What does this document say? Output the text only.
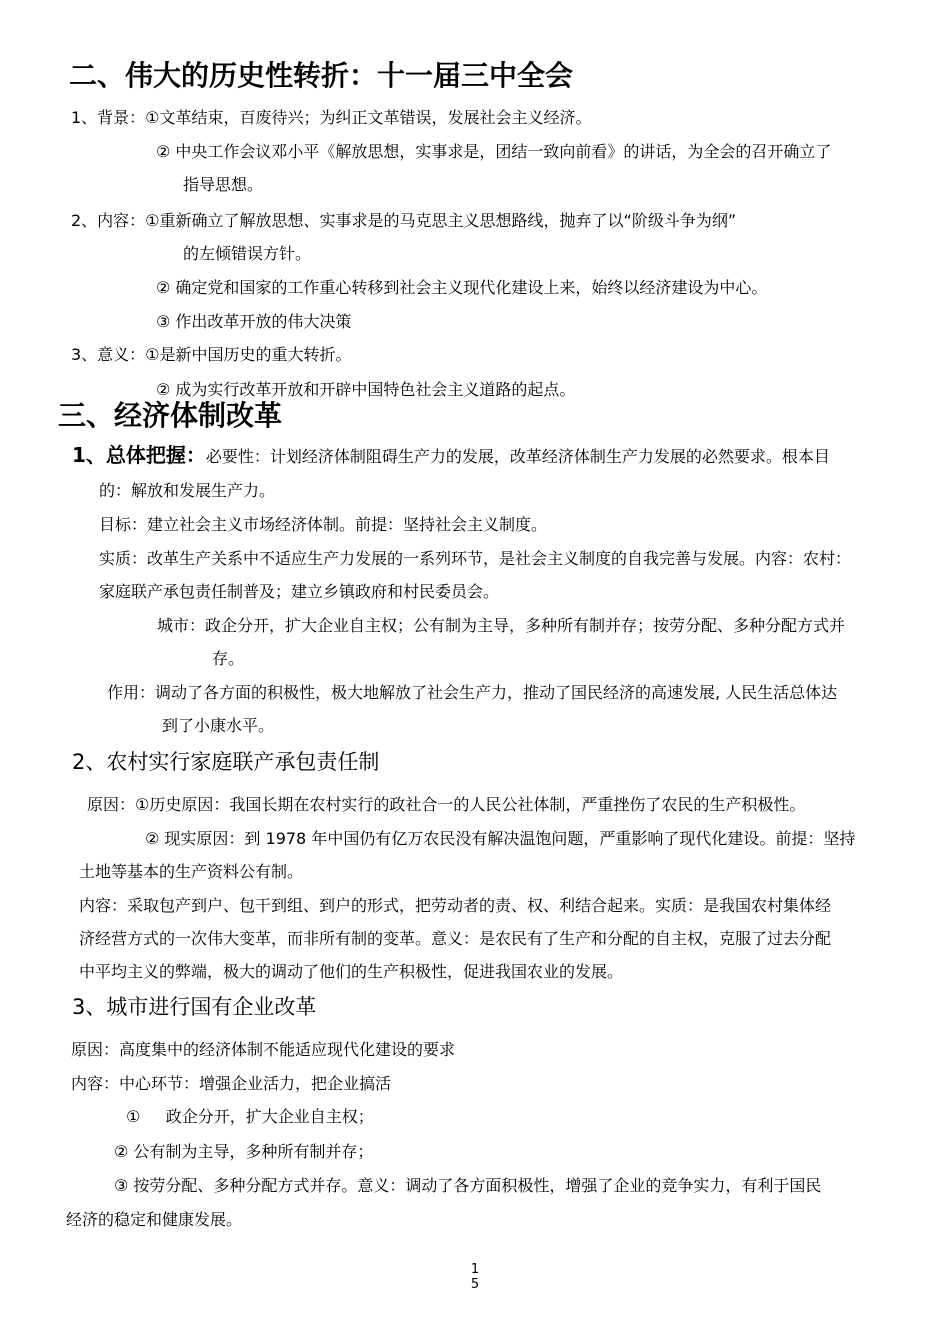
二、伟大的历史性转折：十一届三中全会
1、背景：①文革结束，百废待兴；为纠正文革错误，发展社会主义经济。
② 中央工作会议邓小平《解放思想，实事求是，团结一致向前看》的讲话，为全会的召开确立了
指导思想。
2、内容：①重新确立了解放思想、实事求是的马克思主义思想路线，抛弃了以“阶级斗争为纲”
的左倾错误方针。
② 确定党和国家的工作重心转移到社会主义现代化建设上来，始终以经济建设为中心。
③ 作出改革开放的伟大决策
3、意义：①是新中国历史的重大转折。
② 成为实行改革开放和开辟中国特色社会主义道路的起点。
三、经济体制改革
1、总体把握：必要性：计划经济体制阻碍生产力的发展，改革经济体制生产力发展的必然要求。根本目
的：解放和发展生产力。
目标：建立社会主义市场经济体制。前提：坚持社会主义制度。
实质：改革生产关系中不适应生产力发展的一系列环节，是社会主义制度的自我完善与发展。内容：农村：
家庭联产承包责任制普及；建立乡镇政府和村民委员会。
城市：政企分开，扩大企业自主权；公有制为主导，多种所有制并存；按劳分配、多种分配方式并
存。
作用：调动了各方面的积极性，极大地解放了社会生产力，推动了国民经济的高速发展, 人民生活总体达
到了小康水平。
2、农村实行家庭联产承包责任制
原因：①历史原因：我国长期在农村实行的政社合一的人民公社体制，严重挫伤了农民的生产积极性。
② 现实原因：到 1978 年中国仍有亿万农民没有解决温饱问题，严重影响了现代化建设。前提：坚持
土地等基本的生产资料公有制。
内容：采取包产到户、包干到组、到户的形式，把劳动者的责、权、利结合起来。实质：是我国农村集体经
济经营方式的一次伟大变革，而非所有制的变革。意义：是农民有了生产和分配的自主权，克服了过去分配
中平均主义的弊端，极大的调动了他们的生产积极性，促进我国农业的发展。
3、城市进行国有企业改革
原因：高度集中的经济体制不能适应现代化建设的要求
内容：中心环节：增强企业活力，把企业搞活
①     政企分开，扩大企业自主权；
② 公有制为主导，多种所有制并存；
③ 按劳分配、多种分配方式并存。意义：调动了各方面积极性，增强了企业的竞争实力，有利于国民
经济的稳定和健康发展。
1
5
